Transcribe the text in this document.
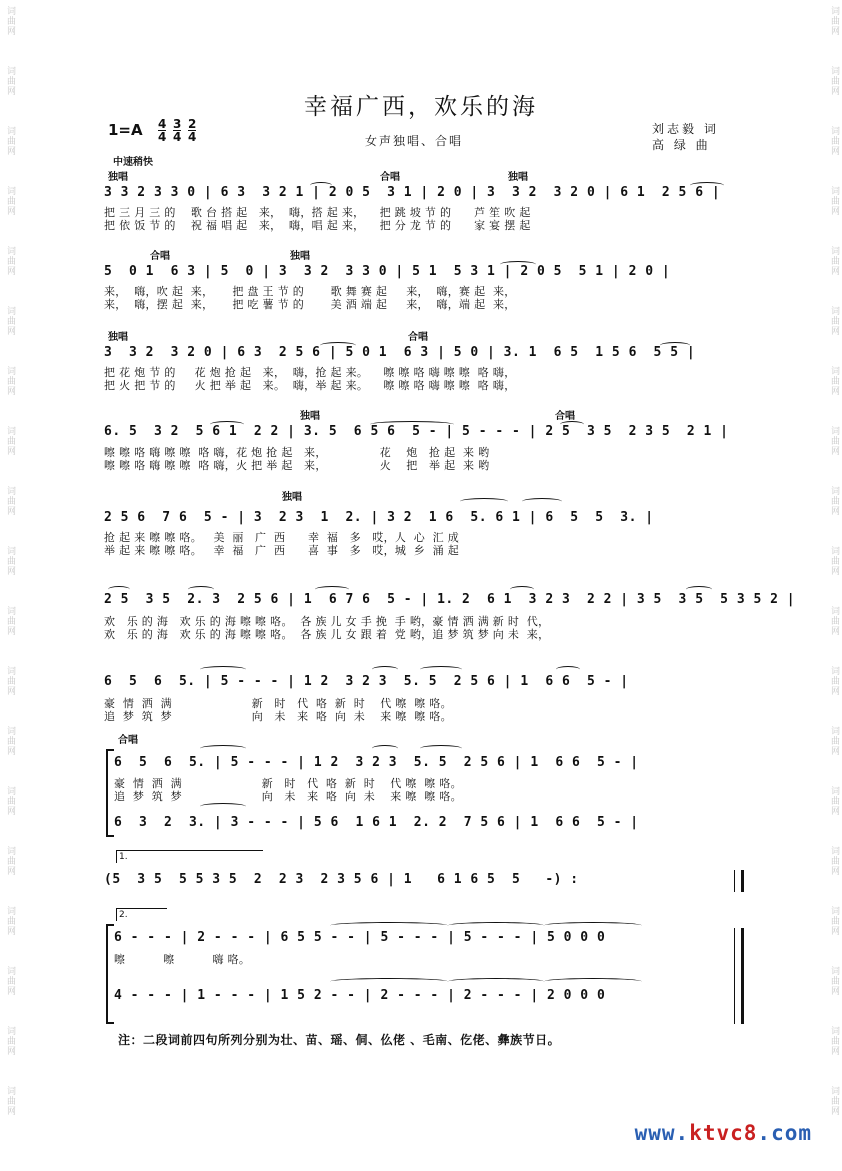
词曲网
词曲网
词曲网
词曲网
词曲网
词曲网
词曲网
词曲网
词曲网
词曲网
词曲网
词曲网
词曲网
词曲网
词曲网
词曲网
词曲网
词曲网
词曲网
词曲网
词曲网
词曲网
词曲网
词曲网
词曲网
词曲网
词曲网
词曲网
词曲网
词曲网
词曲网
词曲网
词曲网
词曲网
词曲网
词曲网
词曲网
词曲网
幸福广西，欢乐的海
1=A 4
4
3
4
2
4	女声独唱、合唱
刘志毅 词
高 绿 曲
中速稍快
独唱	合唱	独唱
3 3 2 3 3 0 | 6 3  3 2 1 | 2 0 5  3 1 | 2 0 | 3  3 2  3 2 0 | 6 1  2 5 6 |
把 三 月 三 的    歌 台 搭 起   来，  嗨，搭 起 来，    把 跳 坡 节 的      芦 笙 吹 起
把 依 饭 节 的    祝 福 唱 起   来，  嗨，唱 起 来，    把 分 龙 节 的      家 宴 摆 起
合唱	独唱
5  0 1  6 3 | 5  0 | 3  3 2  3 3 0 | 5 1  5 3 1 | 2 0 5  5 1 | 2 0 |
来，  嗨，吹 起  来，     把 盘 王 节 的       歌 舞 赛 起     来，  嗨，赛 起  来，
来，  嗨，摆 起  来，     把 吃 薯 节 的       美 酒 端 起     来，  嗨，端 起  来，
独唱	合唱
3  3 2  3 2 0 | 6 3  2 5 6 | 5 0 1  6 3 | 5 0 | 3. 1  6 5  1 5 6  5 5 |
把 花 炮 节 的     花 炮 抢 起   来，  嗨，抢 起 来。    嚓 嚓 咯 嗨 嚓 嚓  咯 嗨，
把 火 把 节 的     火 把 举 起   来。  嗨，举 起 来。    嚓 嚓 咯 嗨 嚓 嚓  咯 嗨，
独唱	合唱
6. 5  3 2  5 6 1  2 2 | 3. 5  6 5 6  5 - | 5 - - - | 2 5  3 5  2 3 5  2 1 |
嚓 嚓 咯 嗨 嚓 嚓  咯 嗨，花 炮 抢 起   来，              花    炮   抢 起  来 哟
嚓 嚓 咯 嗨 嚓 嚓  咯 嗨，火 把 举 起   来，              火    把   举 起  来 哟
独唱
2 5 6  7 6  5 - | 3  2 3  1  2. | 3 2  1 6  5. 6 1 | 6  5  5  3. |
抢 起 来 嚓 嚓 咯。   美  丽   广  西      幸  福   多   哎，人  心  汇 成
举 起 来 嚓 嚓 咯。   幸  福   广  西      喜  事   多   哎，城  乡  涌 起
2 5  3 5  2. 3  2 5 6 | 1  6 7 6  5 - | 1. 2  6 1  3 2 3  2 2 | 3 5  3 5  5 3 5 2 |
欢   乐 的 海   欢 乐 的 海 嚓 嚓 咯。  各 族 儿 女 手 挽  手 哟，豪 情 洒 满 新 时  代，
欢   乐 的 海   欢 乐 的 海 嚓 嚓 咯。  各 族 儿 女 跟 着  党 哟，追 梦 筑 梦 向 未  来，
6  5  6  5. | 5 - - - | 1 2  3 2 3  5. 5  2 5 6 | 1  6 6  5 - |
豪  情  洒  满                     新   时   代  咯  新  时    代 嚓  嚓 咯。
追  梦  筑  梦                     向   未   来  咯  向  未    来 嚓  嚓 咯。
合唱
6  5  6  5. | 5 - - - | 1 2  3 2 3  5. 5  2 5 6 | 1  6 6  5 - |
豪  情  洒  满                     新   时   代  咯  新  时    代 嚓  嚓 咯。
追  梦  筑  梦                     向   未   来  咯  向  未    来 嚓  嚓 咯。
6  3  2  3. | 3 - - - | 5 6  1 6 1  2. 2  7 5 6 | 1  6 6  5 - |
1.
(5  3 5  5 5 3 5  2  2 3  2 3 5 6 | 1   6 1 6 5  5   -) :
2.
6 - - - | 2 - - - | 6 5 5 - - | 5 - - - | 5 - - - | 5 0 0 0
嚓          嚓          嗨 咯。
4 - - - | 1 - - - | 1 5 2 - - | 2 - - - | 2 - - - | 2 0 0 0
注：二段词前四句所列分别为壮、苗、瑶、侗、仫佬 、毛南、仡佬、彝族节日。
www.ktvc8.com
